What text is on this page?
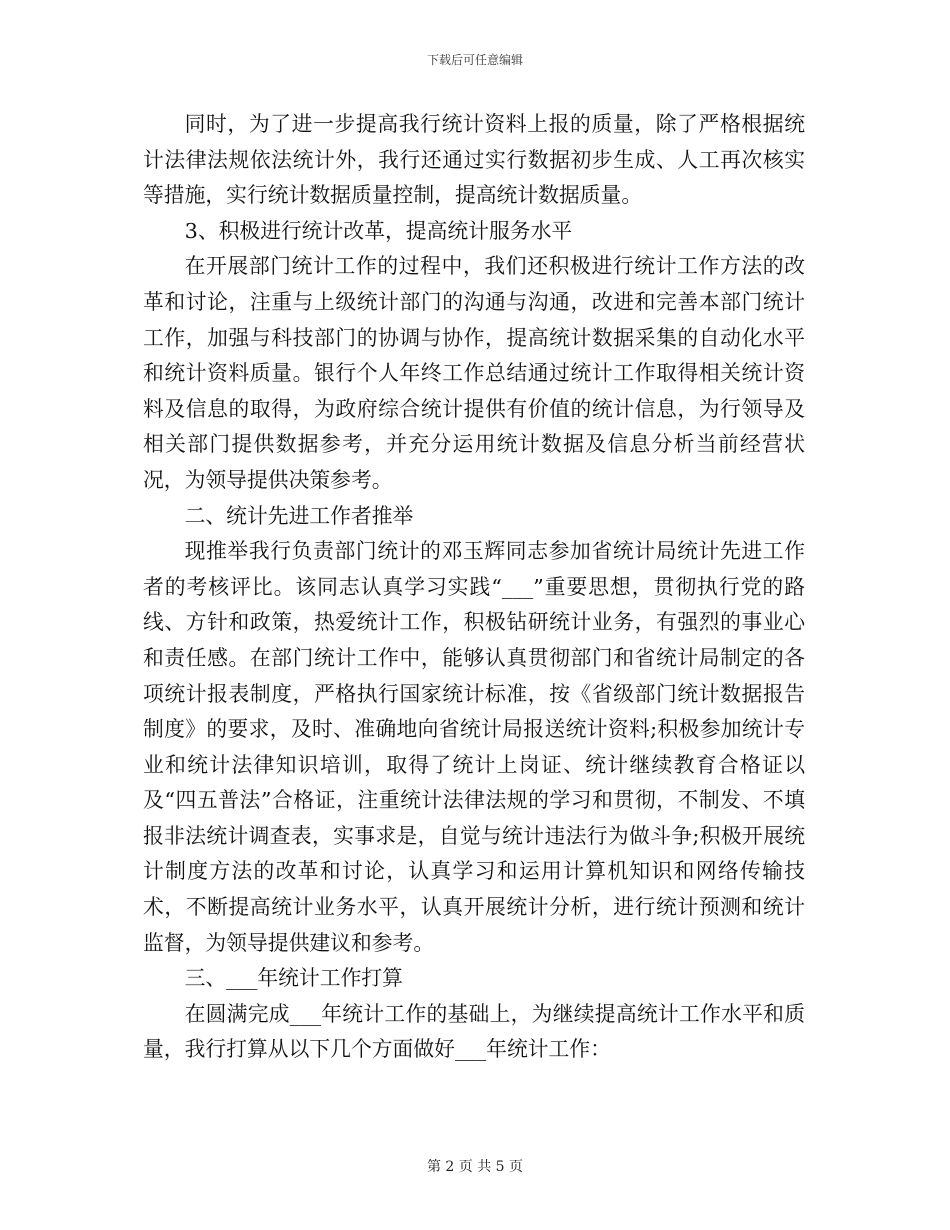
下载后可任意编辑

同时，为了进一步提高我行统计资料上报的质量，除了严格根据统计法律法规依法统计外，我行还通过实行数据初步生成、人工再次核实等措施，实行统计数据质量控制，提高统计数据质量。

3、积极进行统计改革，提高统计服务水平

在开展部门统计工作的过程中，我们还积极进行统计工作方法的改革和讨论，注重与上级统计部门的沟通与沟通，改进和完善本部门统计工作，加强与科技部门的协调与协作，提高统计数据采集的自动化水平和统计资料质量。银行个人年终工作总结通过统计工作取得相关统计资料及信息的取得，为政府综合统计提供有价值的统计信息，为行领导及相关部门提供数据参考，并充分运用统计数据及信息分析当前经营状况，为领导提供决策参考。

二、统计先进工作者推举

现推举我行负责部门统计的邓玉辉同志参加省统计局统计先进工作者的考核评比。该同志认真学习实践“___”重要思想，贯彻执行党的路线、方针和政策，热爱统计工作，积极钻研统计业务，有强烈的事业心和责任感。在部门统计工作中，能够认真贯彻部门和省统计局制定的各项统计报表制度，严格执行国家统计标准，按《省级部门统计数据报告制度》的要求，及时、准确地向省统计局报送统计资料;积极参加统计专业和统计法律知识培训，取得了统计上岗证、统计继续教育合格证以及“四五普法”合格证，注重统计法律法规的学习和贯彻，不制发、不填报非法统计调查表，实事求是，自觉与统计违法行为做斗争;积极开展统计制度方法的改革和讨论，认真学习和运用计算机知识和网络传输技术，不断提高统计业务水平，认真开展统计分析，进行统计预测和统计监督，为领导提供建议和参考。

三、___年统计工作打算

在圆满完成___年统计工作的基础上，为继续提高统计工作水平和质量，我行打算从以下几个方面做好___年统计工作：

第 2 页 共 5 页
